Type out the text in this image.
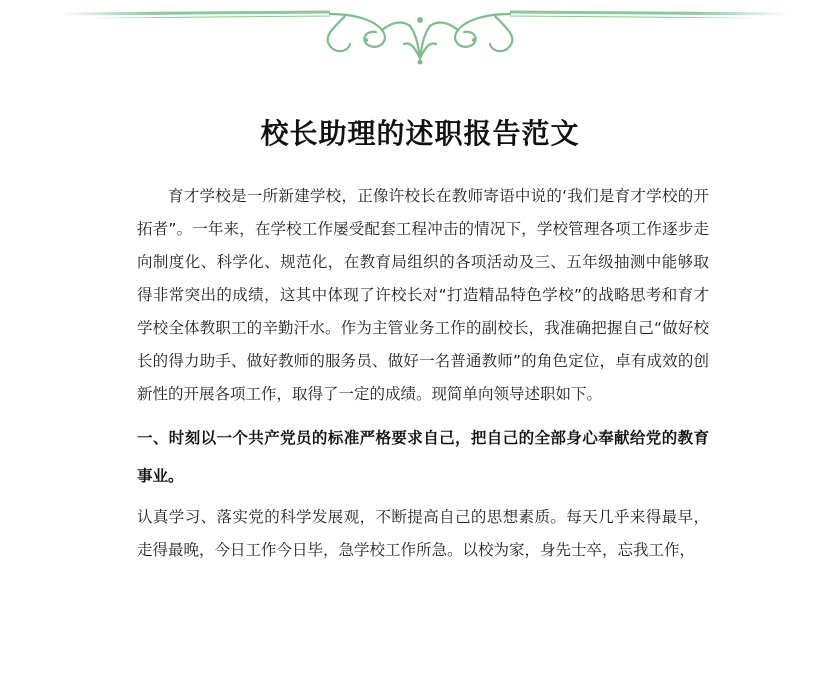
校长助理的述职报告范文

育才学校是一所新建学校，正像许校长在教师寄语中说的‘我们是育才学校的开拓者”。一年来，在学校工作屡受配套工程冲击的情况下，学校管理各项工作逐步走向制度化、科学化、规范化，在教育局组织的各项活动及三、五年级抽测中能够取得非常突出的成绩，这其中体现了许校长对“打造精品特色学校”的战略思考和育才学校全体教职工的辛勤汗水。作为主管业务工作的副校长，我准确把握自己“做好校长的得力助手、做好教师的服务员、做好一名普通教师”的角色定位，卓有成效的创新性的开展各项工作，取得了一定的成绩。现简单向领导述职如下。

一、时刻以一个共产党员的标准严格要求自己，把自己的全部身心奉献给党的教育事业。

认真学习、落实党的科学发展观，不断提高自己的思想素质。每天几乎来得最早，走得最晚，今日工作今日毕，急学校工作所急。以校为家，身先士卒，忘我工作，
